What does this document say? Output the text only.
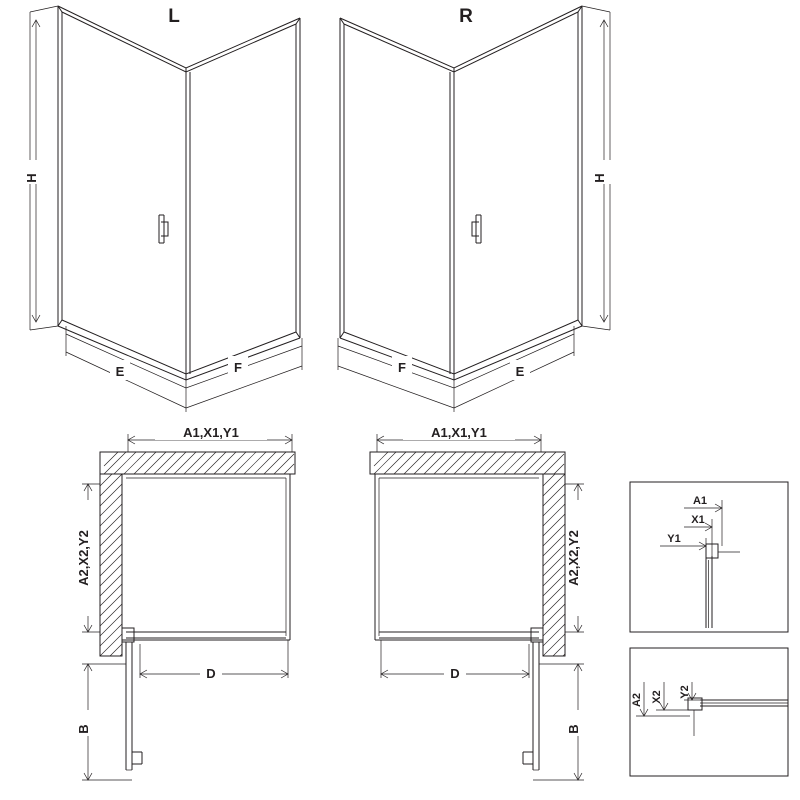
H
E	F
L
H
E
F
R
A1,X1,Y1
A2,X2,Y2
D
B
A1,X1,Y1
A2,X2,Y2
D
B
A1
X1
Y1
A2 X2 Y2
